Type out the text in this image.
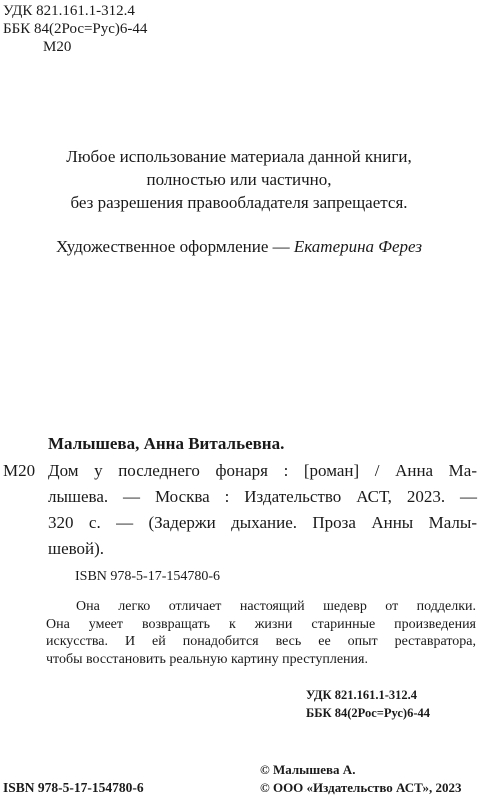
УДК 821.161.1-312.4
ББК 84(2Рос=Рус)6-44
М20
Любое использование материала данной книги,
полностью или частично,
без разрешения правообладателя запрещается.
Художественное оформление — Екатерина Ферез
Малышева, Анна Витальевна.
М20 Дом у последнего фонаря : [роман] / Анна Ма-
лышева. — Москва : Издательство АСТ, 2023. —
320 с. — (Задержи дыхание. Проза Анны Малы-
шевой).
ISBN 978-5-17-154780-6
Она легко отличает настоящий шедевр от подделки.
Она умеет возвращать к жизни старинные произведения
искусства. И ей понадобится весь ее опыт реставратора,
чтобы восстановить реальную картину преступления.
УДК 821.161.1-312.4
ББК 84(2Рос=Рус)6-44
© Малышева А.
© ООО «Издательство АСТ», 2023
ISBN 978-5-17-154780-6
